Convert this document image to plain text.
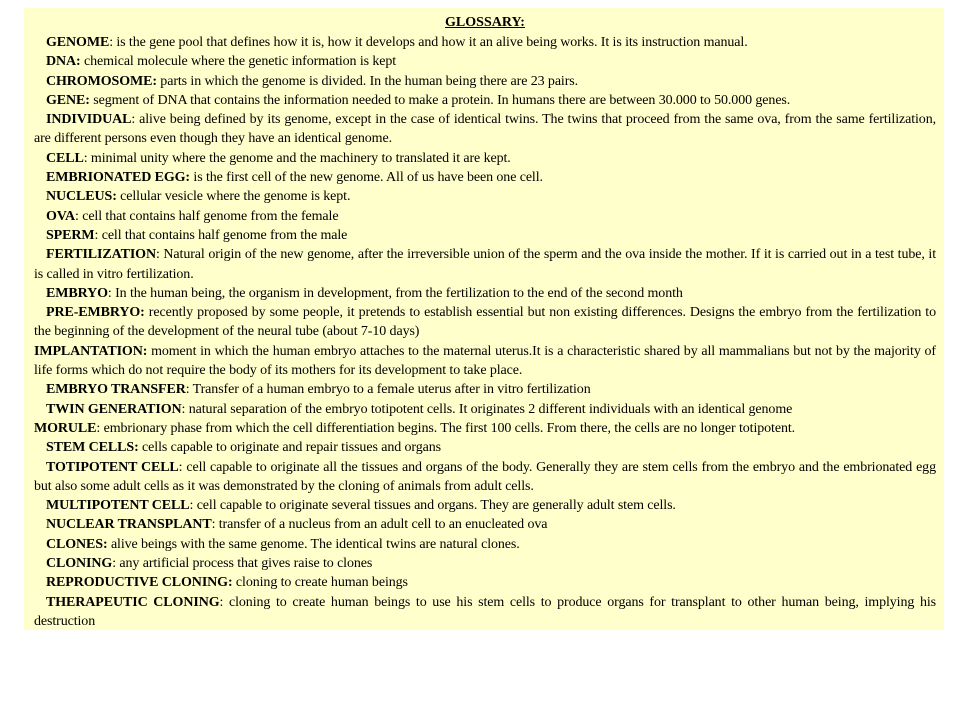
GLOSSARY:

GENOME: is the gene pool that defines how it is, how it develops and how it an alive being works. It is its instruction manual.

DNA: chemical molecule where the genetic information is kept

CHROMOSOME: parts in which the genome is divided. In the human being there are 23 pairs.

GENE: segment of DNA that contains the information needed to make a protein. In humans there are between 30.000 to 50.000 genes.

INDIVIDUAL: alive being defined by its genome, except in the case of identical twins. The twins that proceed from the same ova, from the same fertilization, are different persons even though they have an identical genome.

CELL: minimal unity where the genome and the machinery to translated it are kept.

EMBRIONATED EGG: is the first cell of the new genome. All of us have been one cell.

NUCLEUS: cellular vesicle where the genome is kept.

OVA: cell that contains half genome from the female

SPERM: cell that contains half genome from the male

FERTILIZATION: Natural origin of the new genome, after the irreversible union of the sperm and the ova inside the mother. If it is carried out in a test tube, it is called in vitro fertilization.

EMBRYO: In the human being, the organism in development, from the fertilization to the end of the second month

PRE-EMBRYO: recently proposed by some people, it pretends to establish essential but non existing differences. Designs the embryo from the fertilization to the beginning of the development of the neural tube (about 7-10 days)

IMPLANTATION: moment in which the human embryo attaches to the maternal uterus.It is a characteristic shared by all mammalians but not by the majority of life forms which do not require the body of its mothers for its development to take place.

EMBRYO TRANSFER: Transfer of a human embryo to a female uterus after in vitro fertilization

TWIN GENERATION: natural separation of the embryo totipotent cells. It originates 2 different individuals with an identical genome

MORULE: embrionary phase from which the cell differentiation begins. The first 100 cells. From there, the cells are no longer totipotent.

STEM CELLS: cells capable to originate and repair tissues and organs

TOTIPOTENT CELL: cell capable to originate all the tissues and organs of the body. Generally they are stem cells from the embryo and the embrionated egg but also some adult cells as it was demonstrated by the cloning of animals from adult cells.

MULTIPOTENT CELL: cell capable to originate several tissues and organs. They are generally adult stem cells.

NUCLEAR TRANSPLANT: transfer of a nucleus from an adult cell to an enucleated ova

CLONES: alive beings with the same genome. The identical twins are natural clones.

CLONING: any artificial process that gives raise to clones

REPRODUCTIVE CLONING: cloning to create human beings

THERAPEUTIC CLONING: cloning to create human beings to use his stem cells to produce organs for transplant to other human being, implying his destruction
